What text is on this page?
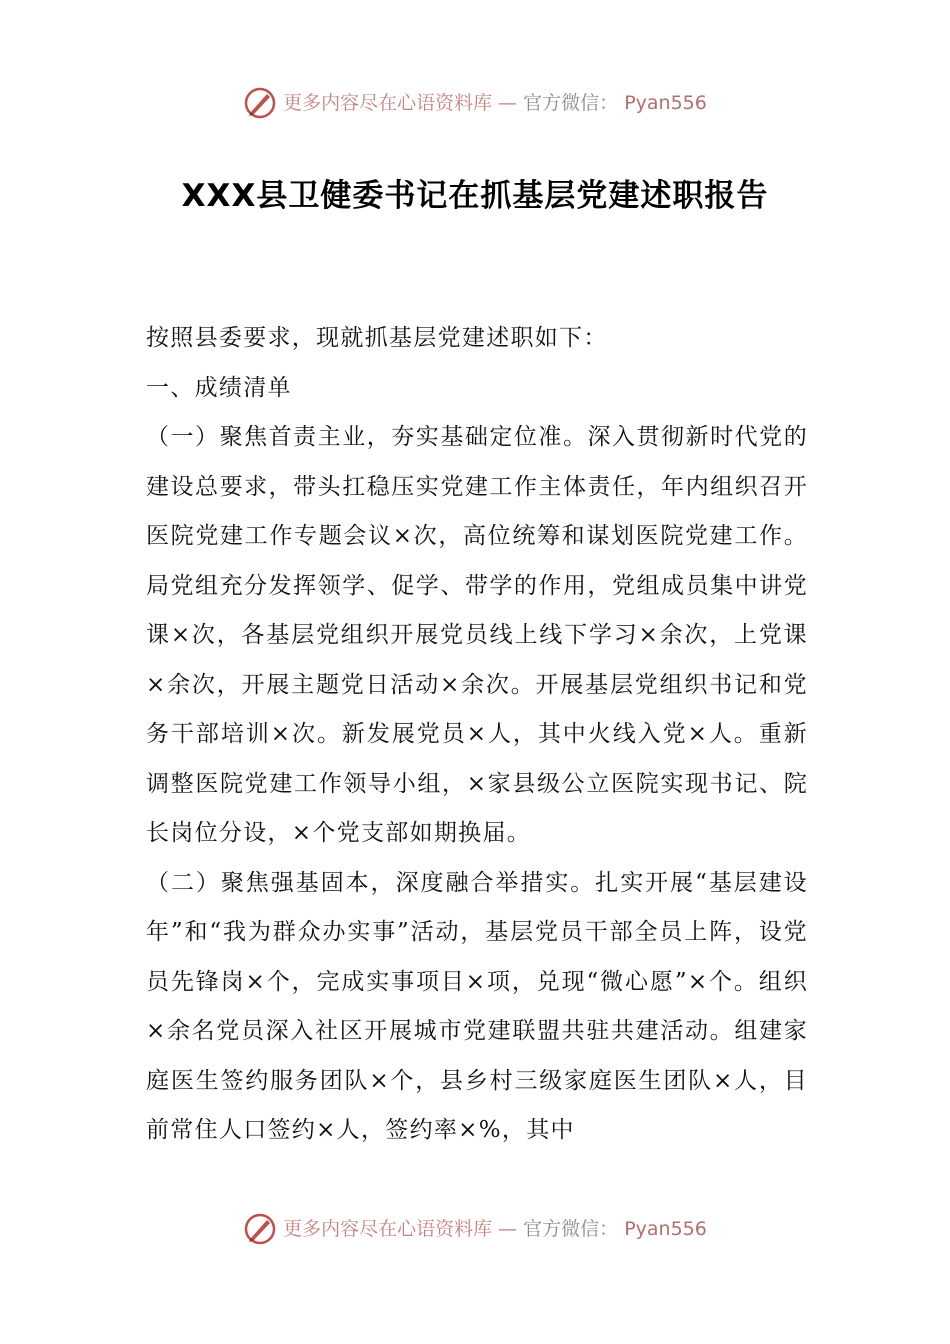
更多内容尽在心语资料库 — 官方微信： Pyan556
XXX县卫健委书记在抓基层党建述职报告

按照县委要求，现就抓基层党建述职如下：

一、成绩清单

（一）聚焦首责主业，夯实基础定位准。深入贯彻新时代党的建设总要求，带头扛稳压实党建工作主体责任，年内组织召开医院党建工作专题会议×次，高位统筹和谋划医院党建工作。局党组充分发挥领学、促学、带学的作用，党组成员集中讲党课×次，各基层党组织开展党员线上线下学习×余次，上党课×余次，开展主题党日活动×余次。开展基层党组织书记和党务干部培训×次。新发展党员×人，其中火线入党×人。重新调整医院党建工作领导小组，×家县级公立医院实现书记、院长岗位分设，×个党支部如期换届。

（二）聚焦强基固本，深度融合举措实。扎实开展“基层建设年”和“我为群众办实事”活动，基层党员干部全员上阵，设党员先锋岗×个，完成实事项目×项，兑现“微心愿”×个。组织×余名党员深入社区开展城市党建联盟共驻共建活动。组建家庭医生签约服务团队×个，县乡村三级家庭医生团队×人，目前常住人口签约×人，签约率×%，其中

更多内容尽在心语资料库 — 官方微信： Pyan556
